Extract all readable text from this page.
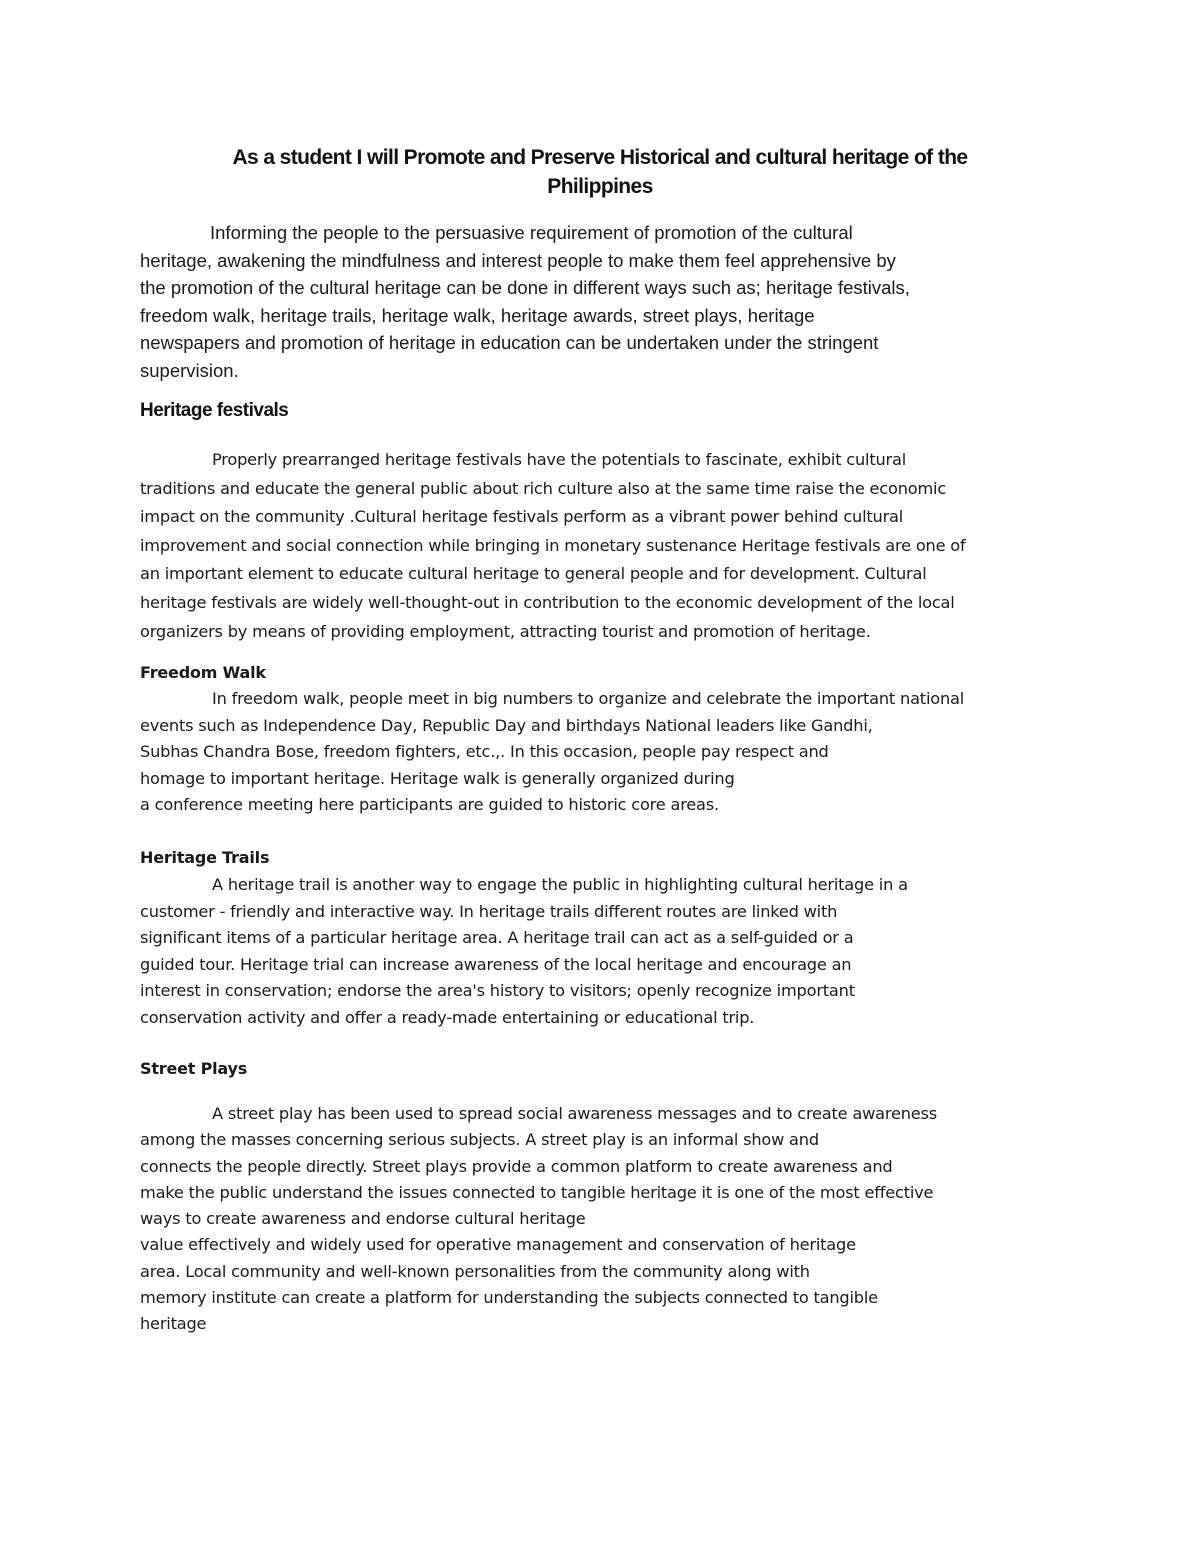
As a student I will Promote and Preserve Historical and cultural heritage of the
Philippines

Informing the people to the persuasive requirement of promotion of the cultural
heritage, awakening the mindfulness and interest people to make them feel apprehensive by
the promotion of the cultural heritage can be done in different ways such as; heritage festivals,
freedom walk, heritage trails, heritage walk, heritage awards, street plays, heritage
newspapers and promotion of heritage in education can be undertaken under the stringent
supervision.

Heritage festivals
Properly prearranged heritage festivals have the potentials to fascinate, exhibit cultural
traditions and educate the general public about rich culture also at the same time raise the economic
impact on the community .Cultural heritage festivals perform as a vibrant power behind cultural
improvement and social connection while bringing in monetary sustenance Heritage festivals are one of
an important element to educate cultural heritage to general people and for development. Cultural
heritage festivals are widely well-thought-out in contribution to the economic development of the local
organizers by means of providing employment, attracting tourist and promotion of heritage.
Freedom Walk
In freedom walk, people meet in big numbers to organize and celebrate the important national
events such as Independence Day, Republic Day and birthdays National leaders like Gandhi,
Subhas Chandra Bose, freedom fighters, etc.,. In this occasion, people pay respect and
homage to important heritage. Heritage walk is generally organized during
a conference meeting here participants are guided to historic core areas.
Heritage Trails
A heritage trail is another way to engage the public in highlighting cultural heritage in a
customer - friendly and interactive way. In heritage trails different routes are linked with
significant items of a particular heritage area. A heritage trail can act as a self-guided or a
guided tour. Heritage trial can increase awareness of the local heritage and encourage an
interest in conservation; endorse the area's history to visitors; openly recognize important
conservation activity and offer a ready-made entertaining or educational trip.
Street Plays
A street play has been used to spread social awareness messages and to create awareness
among the masses concerning serious subjects. A street play is an informal show and
connects the people directly. Street plays provide a common platform to create awareness and
make the public understand the issues connected to tangible heritage it is one of the most effective
ways to create awareness and endorse cultural heritage
value effectively and widely used for operative management and conservation of heritage
area. Local community and well-known personalities from the community along with
memory institute can create a platform for understanding the subjects connected to tangible
heritage
